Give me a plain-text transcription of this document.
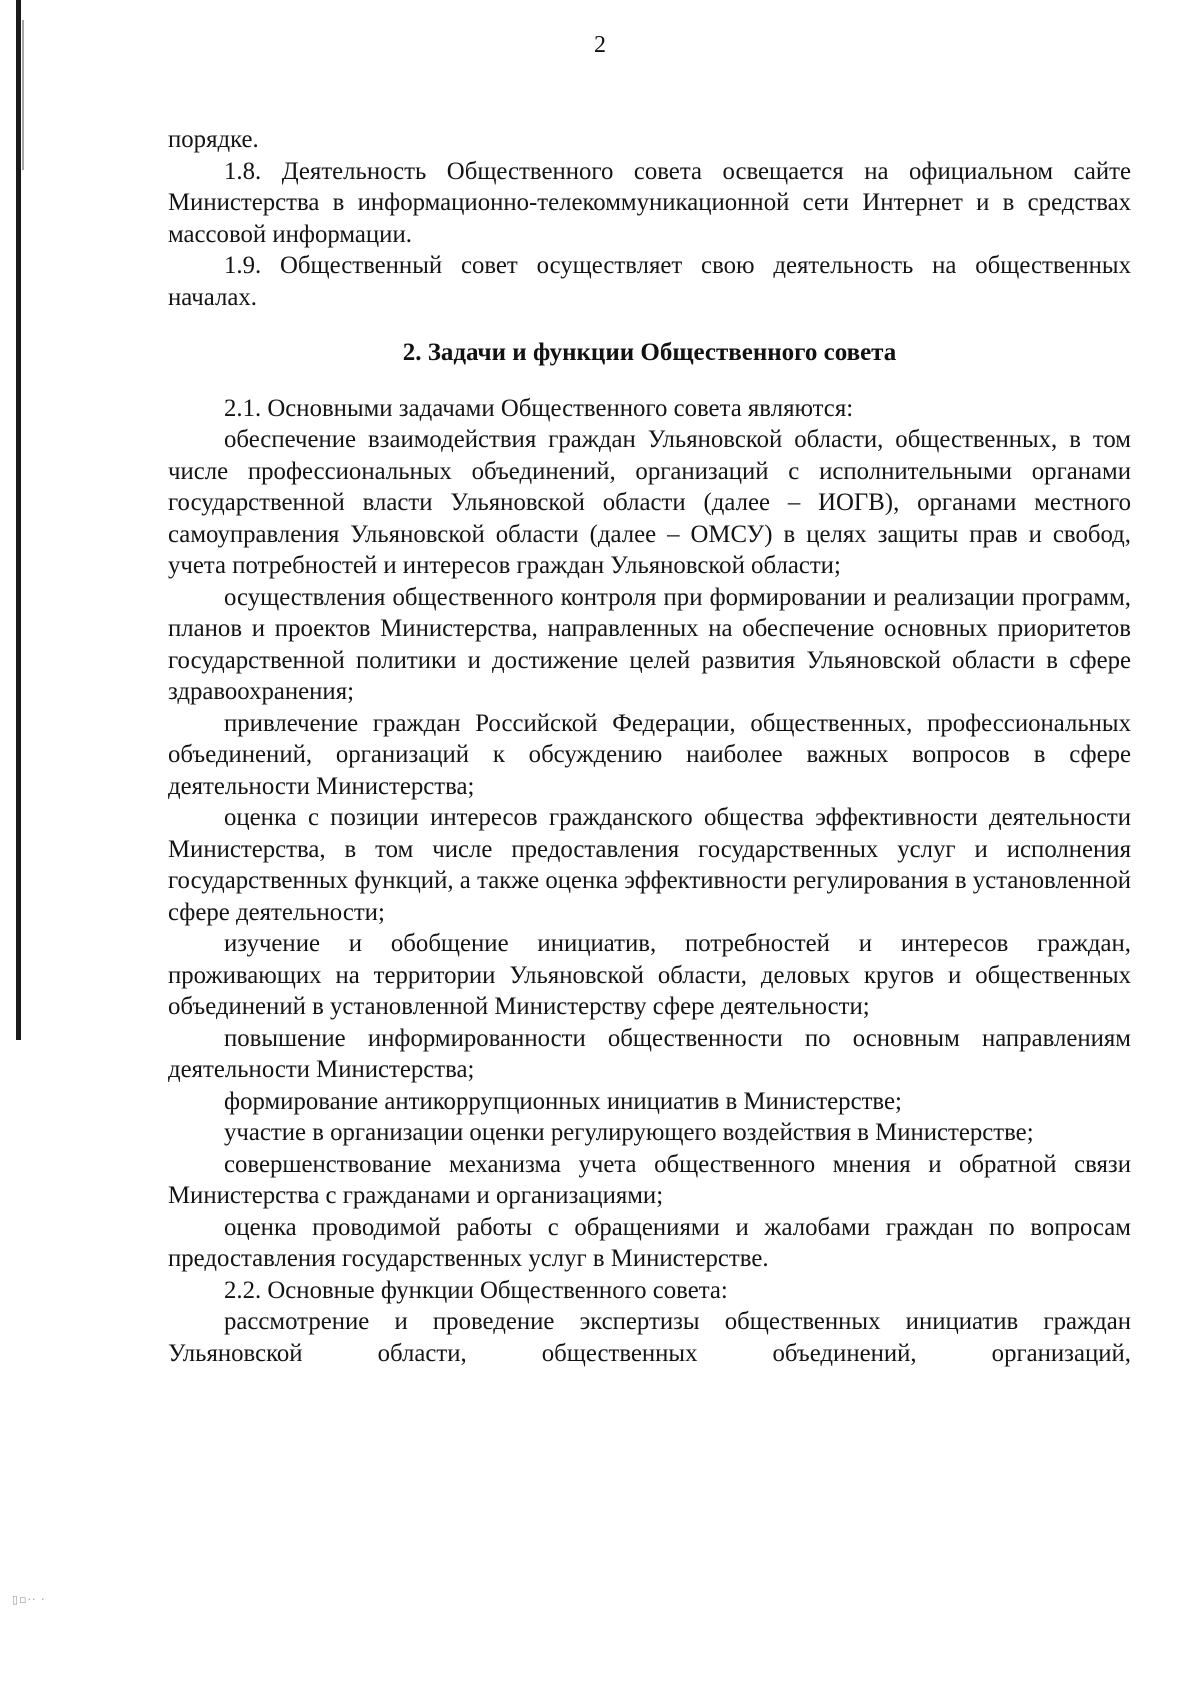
2

порядке.

1.8. Деятельность Общественного совета освещается на официальном сайте Министерства в информационно-телекоммуникационной сети Интернет и в средствах массовой информации.

1.9. Общественный совет осуществляет свою деятельность на общественных началах.

2. Задачи и функции Общественного совета

2.1. Основными задачами Общественного совета являются:

обеспечение взаимодействия граждан Ульяновской области, общественных, в том числе профессиональных объединений, организаций с исполнительными органами государственной власти Ульяновской области (далее – ИОГВ), органами местного самоуправления Ульяновской области (далее – ОМСУ) в целях защиты прав и свобод, учета потребностей и интересов граждан Ульяновской области;

осуществления общественного контроля при формировании и реализации программ, планов и проектов Министерства, направленных на обеспечение основных приоритетов государственной политики и достижение целей развития Ульяновской области в сфере здравоохранения;

привлечение граждан Российской Федерации, общественных, профессиональных объединений, организаций к обсуждению наиболее важных вопросов в сфере деятельности Министерства;

оценка с позиции интересов гражданского общества эффективности деятельности Министерства, в том числе предоставления государственных услуг и исполнения государственных функций, а также оценка эффективности регулирования в установленной сфере деятельности;

изучение и обобщение инициатив, потребностей и интересов граждан, проживающих на территории Ульяновской области, деловых кругов и общественных объединений в установленной Министерству сфере деятельности;

повышение информированности общественности по основным направлениям деятельности Министерства;

формирование антикоррупционных инициатив в Министерстве;

участие в организации оценки регулирующего воздействия в Министерстве;

совершенствование механизма учета общественного мнения и обратной связи Министерства с гражданами и организациями;

оценка проводимой работы с обращениями и жалобами граждан по вопросам предоставления государственных услуг в Министерстве.

2.2. Основные функции Общественного совета:

рассмотрение и проведение экспертизы общественных инициатив граждан Ульяновской области, общественных объединений, организаций,

▯▫·· ·
